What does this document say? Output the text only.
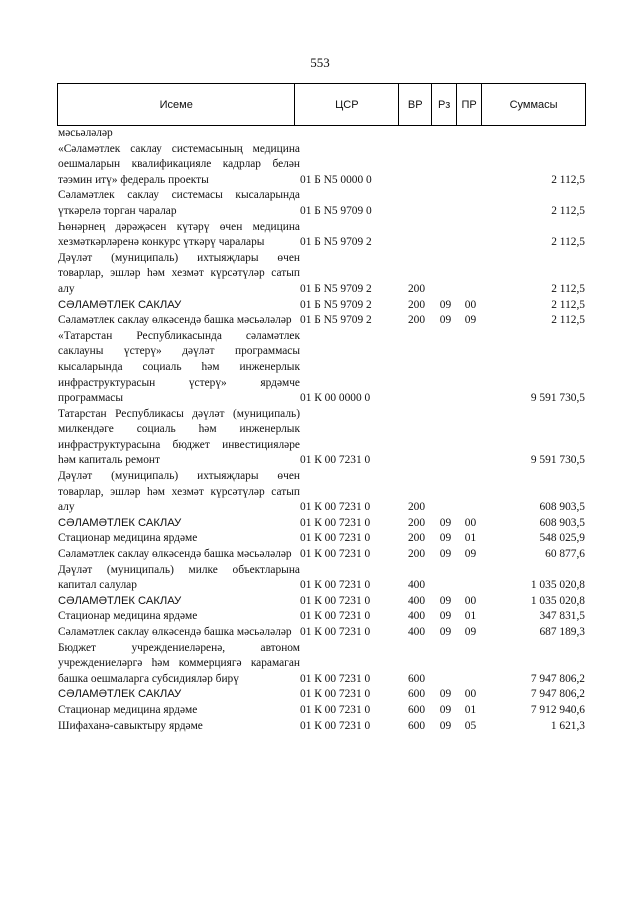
553
Исеме	ЦСР	ВР	Рз	ПР	Суммасы
мәсьәләләр					
«Сәламәтлек саклау системасының медицина оешмаларын квалификацияле кадрлар белән тәэмин итү» федераль проекты	01 Б N5 0000 0				2 112,5
Сәламәтлек саклау системасы кысаларында үткәрелә торган чаралар	01 Б N5 9709 0				2 112,5
Һөнәрнең дәрәҗәсен күтәрү өчен медицина хезмәткәрләренә конкурс үткәрү чаралары	01 Б N5 9709 2				2 112,5
Дәүләт (муниципаль) ихтыяҗлары өчен товарлар, эшләр һәм хезмәт күрсәтүләр сатып алу	01 Б N5 9709 2	200			2 112,5
СӘЛАМӘТЛЕК САКЛАУ	01 Б N5 9709 2	200	09	00	2 112,5
Сәламәтлек саклау өлкәсендә башка мәсьәләләр	01 Б N5 9709 2	200	09	09	2 112,5
«Татарстан Республикасында сәламәтлек саклауны үстерү» дәүләт программасы кысаларында социаль һәм инженерлык инфраструктурасын үстерү» ярдәмче программасы	01 К 00 0000 0				9 591 730,5
Татарстан Республикасы дәүләт (муниципаль) милкендәге социаль һәм инженерлык инфраструктурасына бюджет инвестицияләре һәм капиталь ремонт	01 К 00 7231 0				9 591 730,5
Дәүләт (муниципаль) ихтыяҗлары өчен товарлар, эшләр һәм хезмәт күрсәтүләр сатып алу	01 К 00 7231 0	200			608 903,5
СӘЛАМӘТЛЕК САКЛАУ	01 К 00 7231 0	200	09	00	608 903,5
Стационар медицина ярдәме	01 К 00 7231 0	200	09	01	548 025,9
Сәламәтлек саклау өлкәсендә башка мәсьәләләр	01 К 00 7231 0	200	09	09	60 877,6
Дәүләт (муниципаль) милке объектларына капитал салулар	01 К 00 7231 0	400			1 035 020,8
СӘЛАМӘТЛЕК САКЛАУ	01 К 00 7231 0	400	09	00	1 035 020,8
Стационар медицина ярдәме	01 К 00 7231 0	400	09	01	347 831,5
Сәламәтлек саклау өлкәсендә башка мәсьәләләр	01 К 00 7231 0	400	09	09	687 189,3
Бюджет учреждениеләренә, автоном учреждениеләргә һәм коммерциягә карамаган башка оешмаларга субсидияләр бирү	01 К 00 7231 0	600			7 947 806,2
СӘЛАМӘТЛЕК САКЛАУ	01 К 00 7231 0	600	09	00	7 947 806,2
Стационар медицина ярдәме	01 К 00 7231 0	600	09	01	7 912 940,6
Шифаханә-савыктыру ярдәме	01 К 00 7231 0	600	09	05	1 621,3
